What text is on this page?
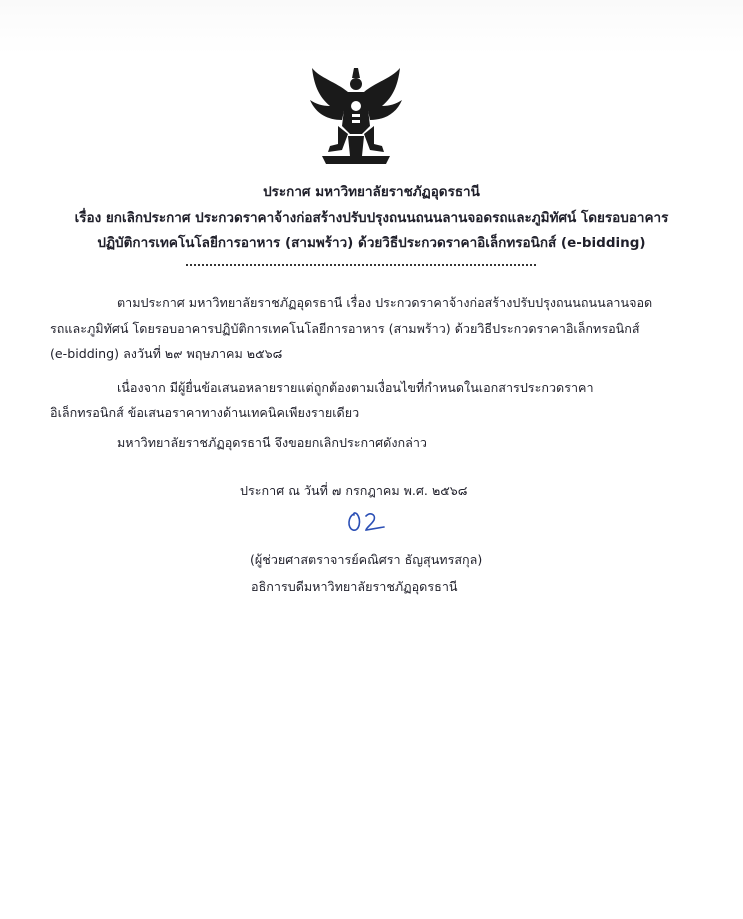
ประกาศ มหาวิทยาลัยราชภัฏอุดรธานี
เรื่อง ยกเลิกประกาศ ประกวดราคาจ้างก่อสร้างปรับปรุงถนนถนนลานจอดรถและภูมิทัศน์ โดยรอบอาคาร
ปฏิบัติการเทคโนโลยีการอาหาร (สามพร้าว) ด้วยวิธีประกวดราคาอิเล็กทรอนิกส์ (e-bidding)
ตามประกาศ มหาวิทยาลัยราชภัฏอุดรธานี เรื่อง ประกวดราคาจ้างก่อสร้างปรับปรุงถนนถนนลานจอด
รถและภูมิทัศน์ โดยรอบอาคารปฏิบัติการเทคโนโลยีการอาหาร (สามพร้าว) ด้วยวิธีประกวดราคาอิเล็กทรอนิกส์
(e-bidding) ลงวันที่ ๒๙ พฤษภาคม ๒๕๖๘
เนื่องจาก มีผู้ยื่นข้อเสนอหลายรายแต่ถูกต้องตามเงื่อนไขที่กำหนดในเอกสารประกวดราคา
อิเล็กทรอนิกส์ ข้อเสนอราคาทางด้านเทคนิคเพียงรายเดียว
มหาวิทยาลัยราชภัฏอุดรธานี จึงขอยกเลิกประกาศดังกล่าว
ประกาศ ณ วันที่ ๗ กรกฎาคม พ.ศ. ๒๕๖๘
(ผู้ช่วยศาสตราจารย์คณิศรา ธัญสุนทรสกุล)
อธิการบดีมหาวิทยาลัยราชภัฏอุดรธานี
